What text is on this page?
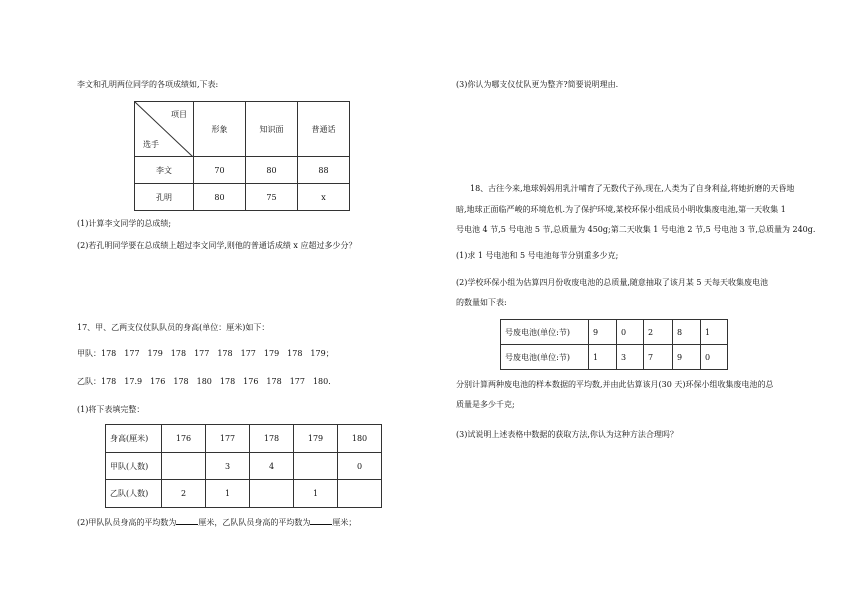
李文和孔明两位同学的各项成绩如,下表:
项目
选手	形象	知识面	普通话
李文	70	80	88
孔明	80	75	x
(1)计算李文同学的总成绩;
(2)若孔明同学要在总成绩上超过李文同学,则他的普通话成绩 x 应超过多少分？
17、甲、乙两支仪仗队队员的身高(单位：厘米)如下：
甲队：178　177　179　178　177　178　177　179　178　179；
乙队：178　17.9　176　178　180　178　176　178　177　180．
(1)将下表填完整：
身高(厘米)	176	177	178	179	180
甲队(人数)		3	4		0
乙队(人数)	2	1		1	
(2)甲队队员身高的平均数为	厘米，乙队队员身高的平均数为	厘米；
(3)你认为哪支仪仗队更为整齐?简要说明理由.
18、古往今来,地球妈妈用乳汁哺育了无数代子孙,现在,人类为了自身利益,将她折磨的天昏地
暗,地球正面临严峻的环境危机.为了保护环境,某校环保小组成员小明收集废电池,第一天收集 1
号电池 4 节,5 号电池 5 节,总质量为 450g;第二天收集 1 号电池 2 节,5 号电池 3 节,总质量为 240g.
(1)求 1 号电池和 5 号电池每节分别重多少克;
(2)学校环保小组为估算四月份收废电池的总质量,随意抽取了该月某 5 天每天收集废电池
的数量如下表:
号废电池(单位:节)	9	0	2	8	1
号废电池(单位:节)	1	3	7	9	0
分别计算两种废电池的样本数据的平均数,并由此估算该月(30 天)环保小组收集废电池的总
质量是多少千克;
(3)试说明上述表格中数据的获取方法,你认为这种方法合理吗？
